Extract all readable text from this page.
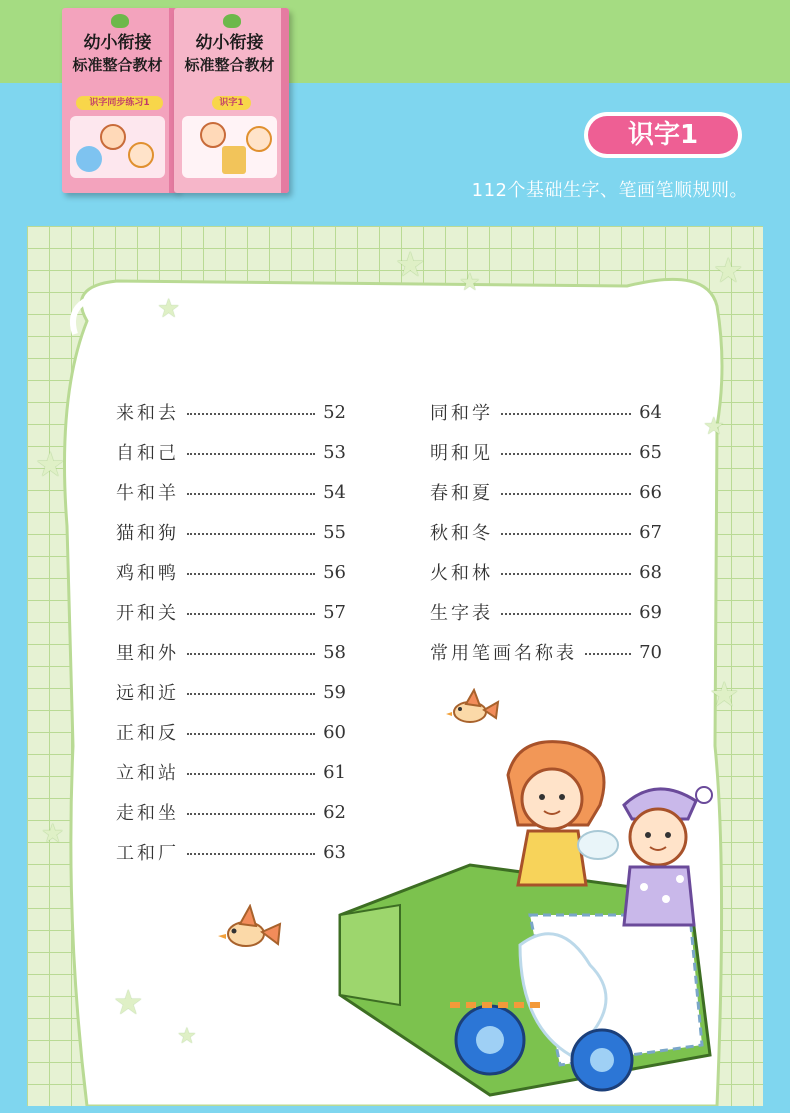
幼小衔接
标准整合教材
识字同步练习1
幼小衔接
标准整合教材
识字1
识字1
112个基础生字、笔画笔顺规则。
★ ★	★
★
★
★
★
★
★
★
来和去	52
自和己	53
牛和羊	54
猫和狗	55
鸡和鸭	56
开和关	57
里和外	58
远和近	59
正和反	60
立和站	61
走和坐	62
工和厂	63
同和学	64
明和见	65
春和夏	66
秋和冬	67
火和林	68
生字表	69
常用笔画名称表	70
